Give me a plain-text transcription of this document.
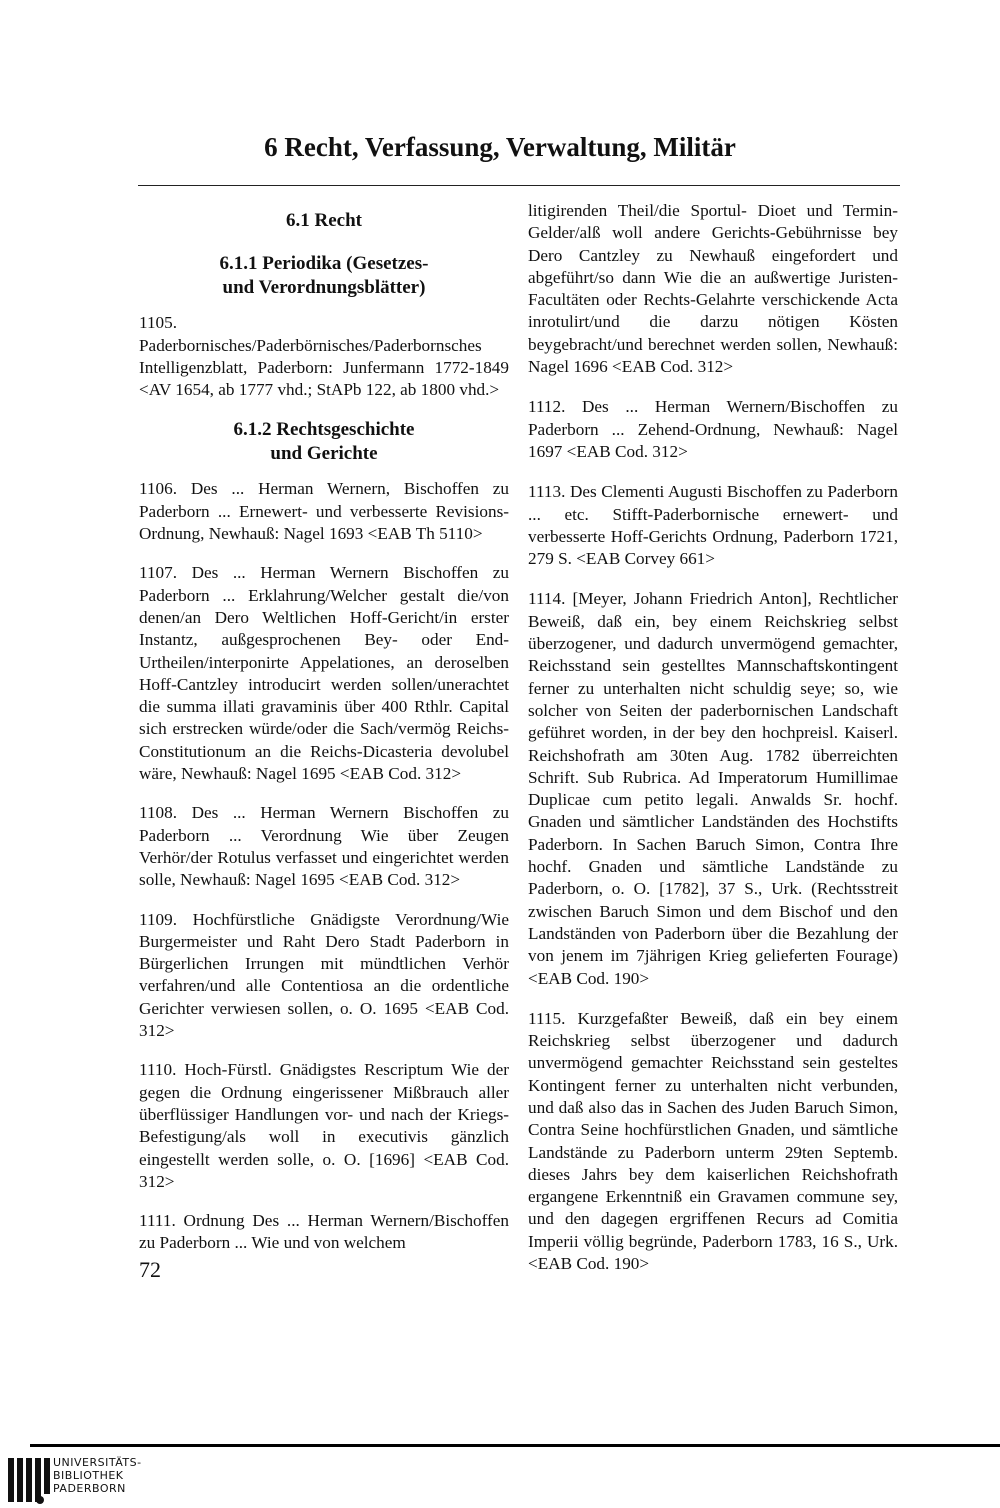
6 Recht, Verfassung, Verwaltung, Militär
6.1 Recht
6.1.1 Periodika (Gesetzes-
und Verordnungsblätter)

1105. Paderbornisches/Paderbörnisches/Paderbornsches Intelligenzblatt, Paderborn: Junfermann 1772-1849 <AV 1654, ab 1777 vhd.; StAPb 122, ab 1800 vhd.>

6.1.2 Rechtsgeschichte
und Gerichte

1106. Des ... Herman Wernern, Bischoffen zu Paderborn ... Ernewert- und verbesserte Revisions-Ordnung, Newhauß: Nagel 1693 <EAB Th 5110>

1107. Des ... Herman Wernern Bischoffen zu Paderborn ... Erklahrung/Welcher gestalt die/von denen/an Dero Weltlichen Hoff-Gericht/in erster Instantz, außgesprochenen Bey- oder End-Urtheilen/interponirte Appelationes, an deroselben Hoff-Cantzley introducirt werden sollen/unerachtet die summa illati gravaminis über 400 Rthlr. Capital sich erstrecken würde/oder die Sach/vermög Reichs-Constitutionum an die Reichs-Dicasteria devolubel wäre, Newhauß: Nagel 1695 <EAB Cod. 312>

1108. Des ... Herman Wernern Bischoffen zu Paderborn ... Verordnung Wie über Zeugen Verhör/der Rotulus verfasset und eingerichtet werden solle, Newhauß: Nagel 1695 <EAB Cod. 312>

1109. Hochfürstliche Gnädigste Verordnung/Wie Burgermeister und Raht Dero Stadt Paderborn in Bürgerlichen Irrungen mit mündtlichen Verhör verfahren/und alle Contentiosa an die ordentliche Gerichter verwiesen sollen, o. O. 1695 <EAB Cod. 312>

1110. Hoch-Fürstl. Gnädigstes Rescriptum Wie der gegen die Ordnung eingerissener Mißbrauch aller überflüssiger Handlungen vor- und nach der Kriegs-Befestigung/als woll in executivis gänzlich eingestellt werden solle, o. O. [1696] <EAB Cod. 312>

1111. Ordnung Des ... Herman Wernern/Bischoffen zu Paderborn ... Wie und von welchem

litigirenden Theil/die Sportul- Dioet und Termin-Gelder/alß woll andere Gerichts-Gebührnisse bey Dero Cantzley zu Newhauß eingefordert und abgeführt/so dann Wie die an außwertige Juristen-Facultäten oder Rechts-Gelahrte verschickende Acta inrotulirt/und die darzu nötigen Kösten beygebracht/und berechnet werden sollen, Newhauß: Nagel 1696 <EAB Cod. 312>

1112. Des ... Herman Wernern/Bischoffen zu Paderborn ... Zehend-Ordnung, Newhauß: Nagel 1697 <EAB Cod. 312>

1113. Des Clementi Augusti Bischoffen zu Paderborn ... etc. Stifft-Paderbornische ernewert- und verbesserte Hoff-Gerichts Ordnung, Paderborn 1721, 279 S. <EAB Corvey 661>

1114. [Meyer, Johann Friedrich Anton], Rechtlicher Beweiß, daß ein, bey einem Reichskrieg selbst überzogener, und dadurch unvermögend gemachter, Reichsstand sein gestelltes Mannschaftskontingent ferner zu unterhalten nicht schuldig seye; so, wie solcher von Seiten der paderbornischen Landschaft geführet worden, in der bey den hochpreisl. Kaiserl. Reichshofrath am 30ten Aug. 1782 überreichten Schrift. Sub Rubrica. Ad Imperatorum Humillimae Duplicae cum petito legali. Anwalds Sr. hochf. Gnaden und sämtlicher Landständen des Hochstifts Paderborn. In Sachen Baruch Simon, Contra Ihre hochf. Gnaden und sämtliche Landstände zu Paderborn, o. O. [1782], 37 S., Urk. (Rechtsstreit zwischen Baruch Simon und dem Bischof und den Landständen von Paderborn über die Bezahlung der von jenem im 7jährigen Krieg gelieferten Fourage) <EAB Cod. 190>

1115. Kurzgefaßter Beweiß, daß ein bey einem Reichskrieg selbst überzogener und dadurch unvermögend gemachter Reichsstand sein gesteltes Kontingent ferner zu unterhalten nicht verbunden, und daß also das in Sachen des Juden Baruch Simon, Contra Seine hochfürstlichen Gnaden, und sämtliche Landstände zu Paderborn unterm 29ten Septemb. dieses Jahrs bey dem kaiserlichen Reichshofrath ergangene Erkenntniß ein Gravamen commune sey, und den dagegen ergriffenen Recurs ad Comitia Imperii völlig begründe, Paderborn 1783, 16 S., Urk. <EAB Cod. 190>

72
UNIVERSITÄTS-
BIBLIOTHEK
PADERBORN
